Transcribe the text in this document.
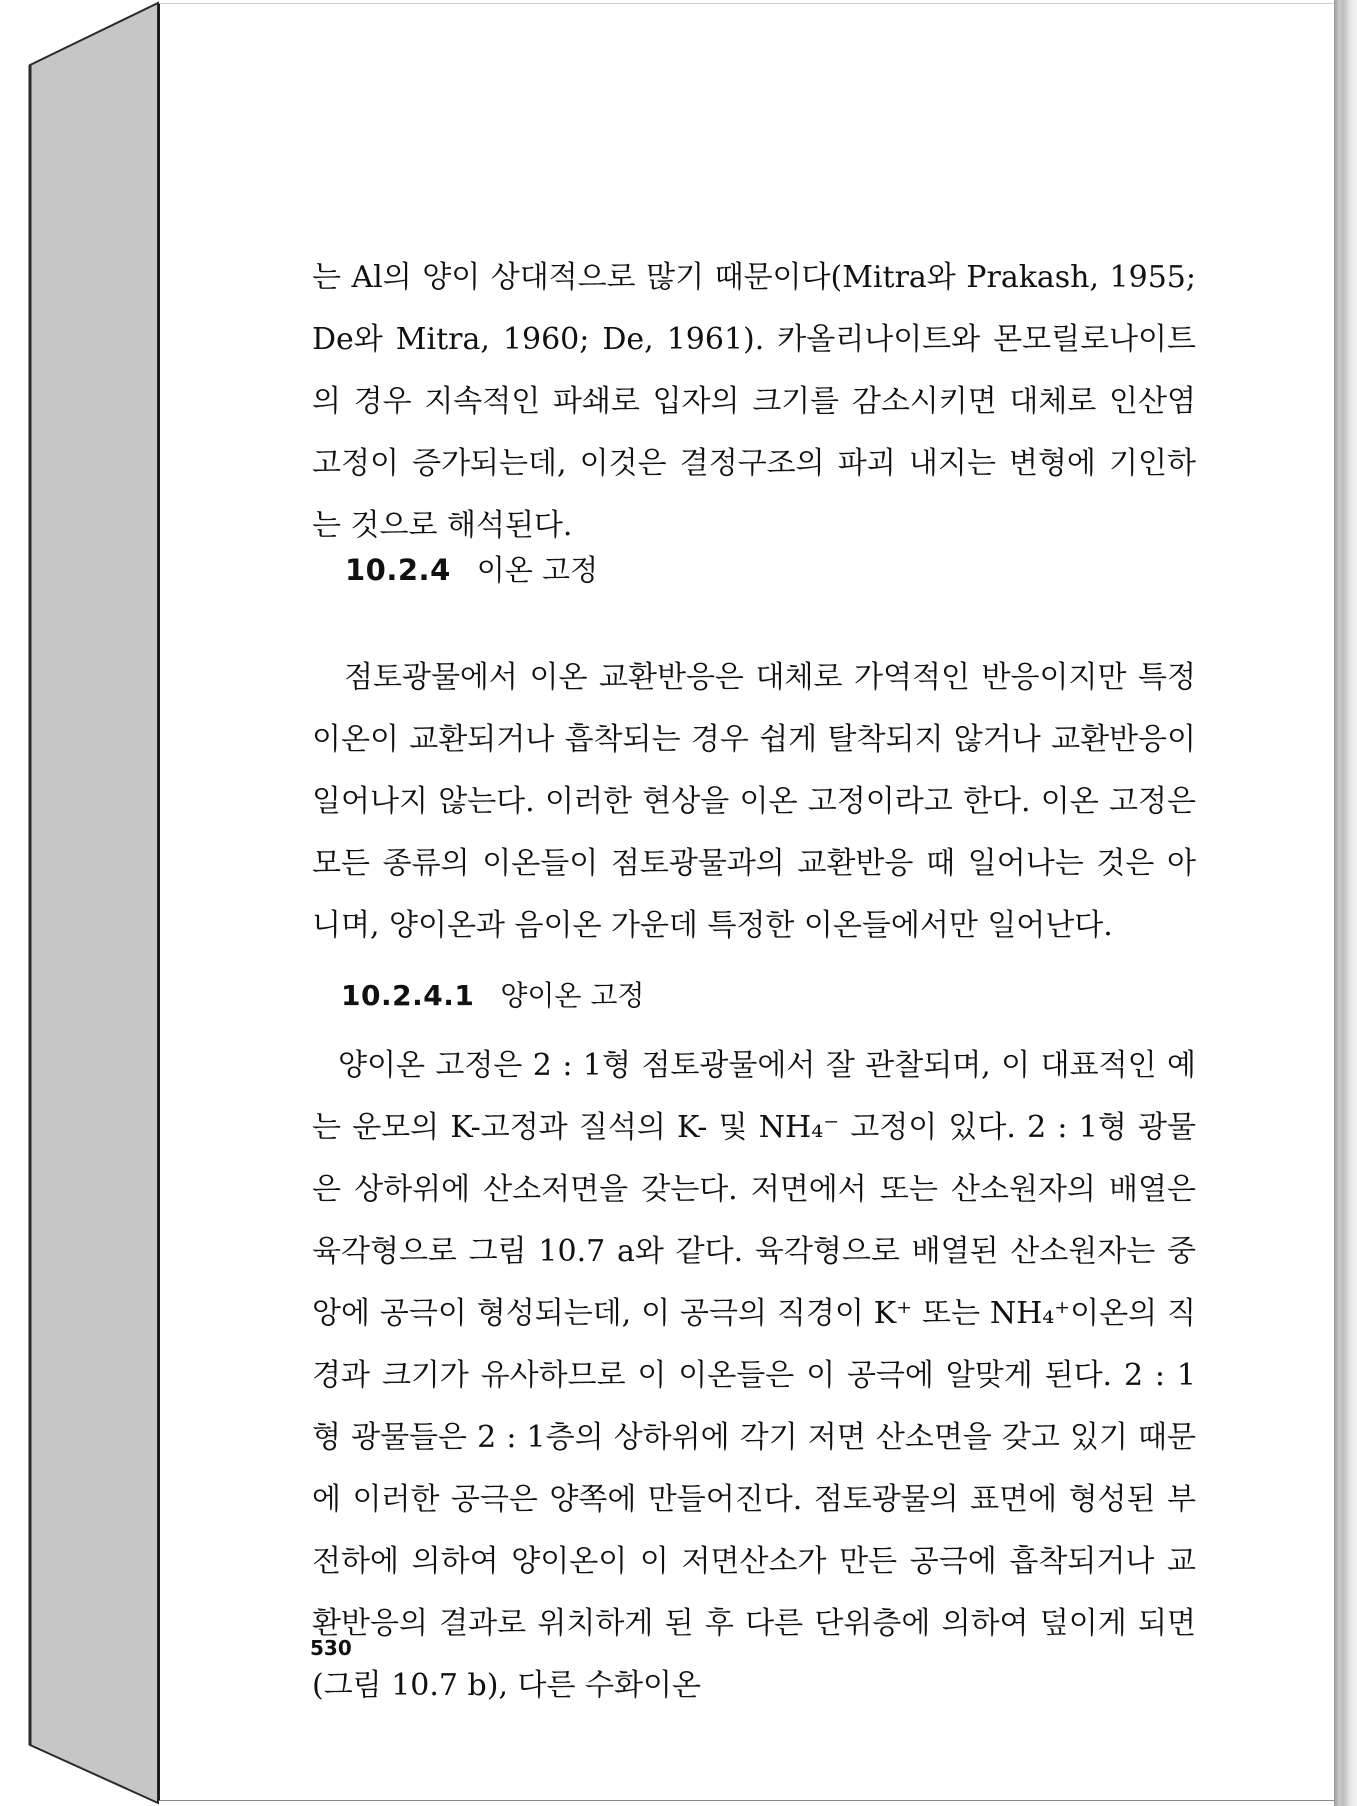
는 Al의 양이 상대적으로 많기 때문이다(Mitra와 Prakash, 1955; De와 Mitra, 1960; De, 1961). 카올리나이트와 몬모릴로나이트의 경우 지속적인 파쇄로 입자의 크기를 감소시키면 대체로 인산염 고정이 증가되는데, 이것은 결정구조의 파괴 내지는 변형에 기인하는 것으로 해석된다.

10.2.4 이온 고정

점토광물에서 이온 교환반응은 대체로 가역적인 반응이지만 특정 이온이 교환되거나 흡착되는 경우 쉽게 탈착되지 않거나 교환반응이 일어나지 않는다. 이러한 현상을 이온 고정이라고 한다. 이온 고정은 모든 종류의 이온들이 점토광물과의 교환반응 때 일어나는 것은 아니며, 양이온과 음이온 가운데 특정한 이온들에서만 일어난다.

10.2.4.1 양이온 고정

양이온 고정은 2 : 1형 점토광물에서 잘 관찰되며, 이 대표적인 예는 운모의 K-고정과 질석의 K- 및 NH₄⁻ 고정이 있다. 2 : 1형 광물은 상하위에 산소저면을 갖는다. 저면에서 또는 산소원자의 배열은 육각형으로 그림 10.7 a와 같다. 육각형으로 배열된 산소원자는 중앙에 공극이 형성되는데, 이 공극의 직경이 K⁺ 또는 NH₄⁺이온의 직경과 크기가 유사하므로 이 이온들은 이 공극에 알맞게 된다. 2 : 1형 광물들은 2 : 1층의 상하위에 각기 저면 산소면을 갖고 있기 때문에 이러한 공극은 양쪽에 만들어진다. 점토광물의 표면에 형성된 부전하에 의하여 양이온이 이 저면산소가 만든 공극에 흡착되거나 교환반응의 결과로 위치하게 된 후 다른 단위층에 의하여 덮이게 되면(그림 10.7 b), 다른 수화이온

530
